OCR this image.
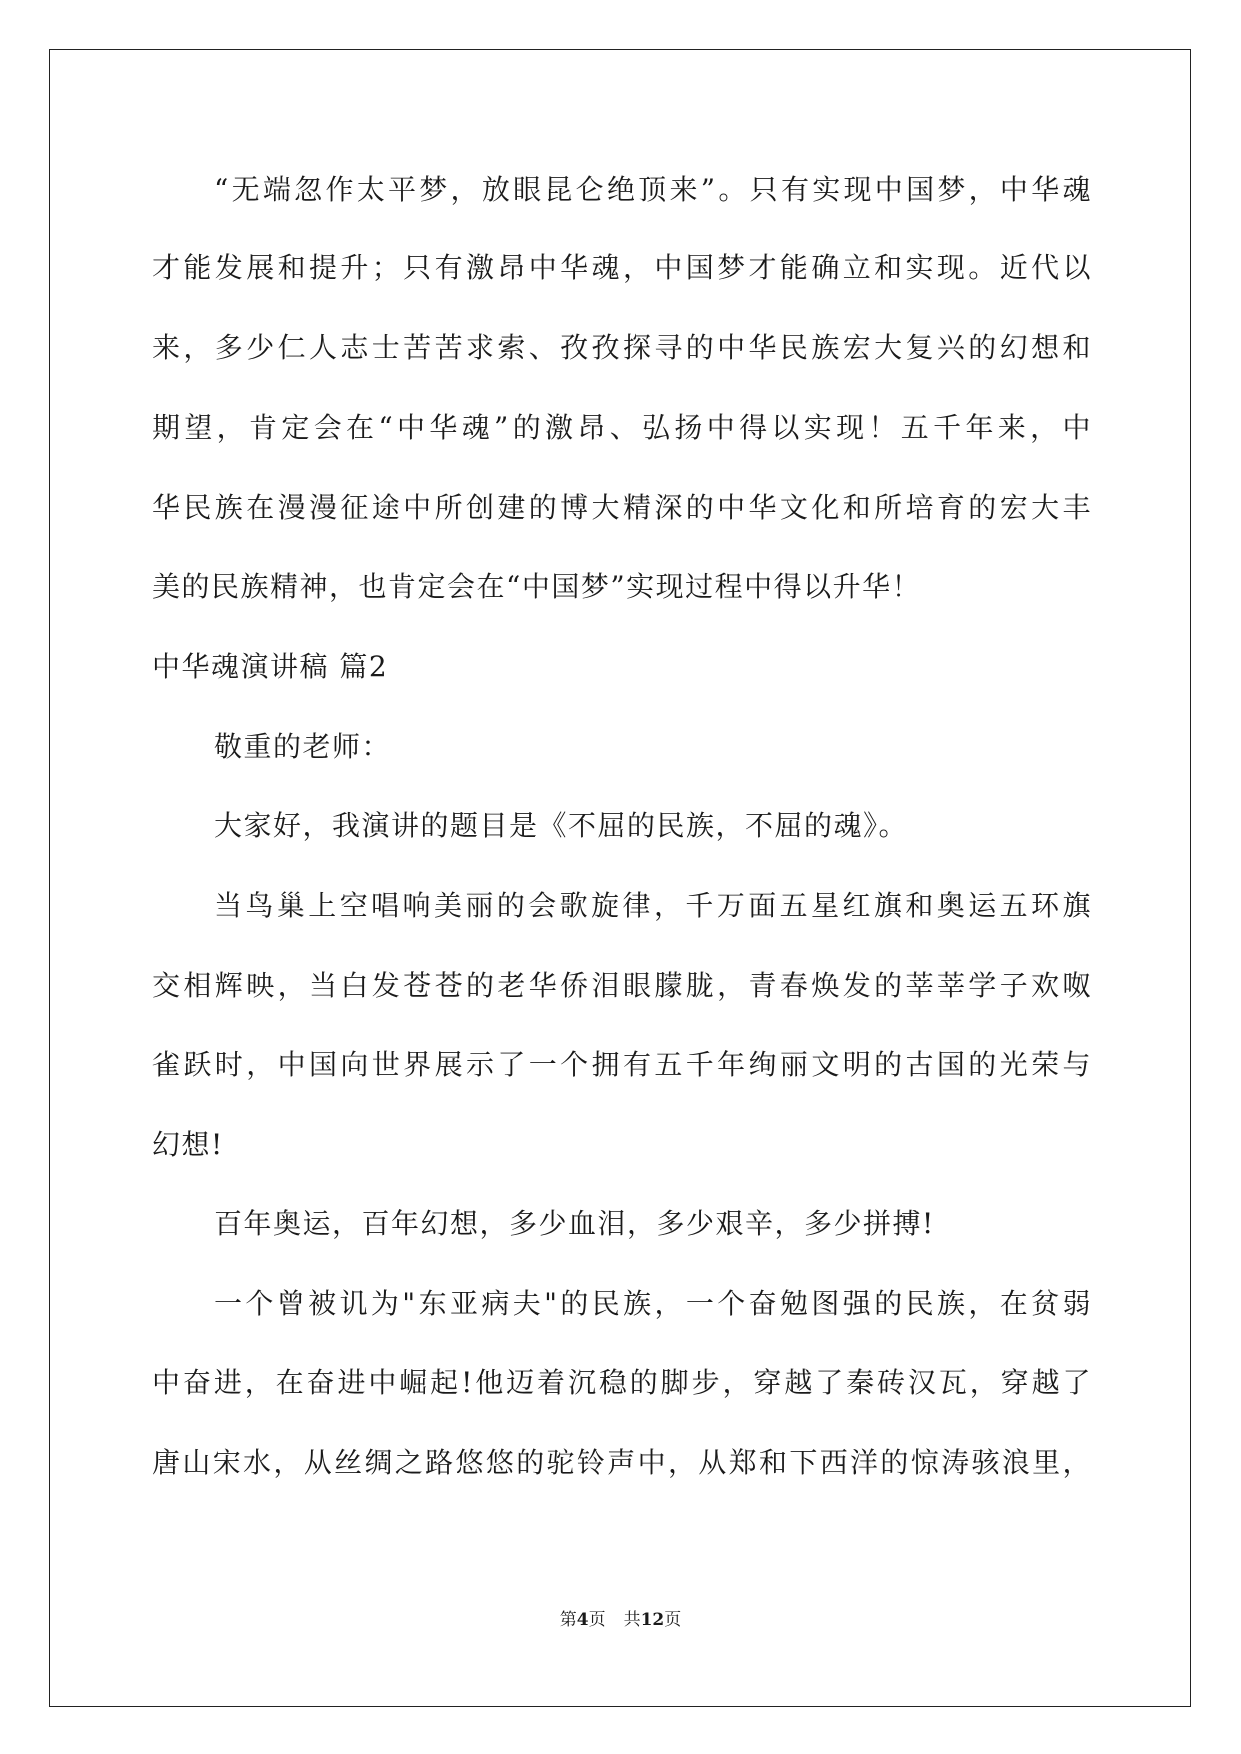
“无端忽作太平梦，放眼昆仑绝顶来”。只有实现中国梦，中华魂

才能发展和提升；只有激昂中华魂，中国梦才能确立和实现。近代以

来，多少仁人志士苦苦求索、孜孜探寻的中华民族宏大复兴的幻想和

期望，肯定会在“中华魂”的激昂、弘扬中得以实现！五千年来，中

华民族在漫漫征途中所创建的博大精深的中华文化和所培育的宏大丰

美的民族精神，也肯定会在“中国梦”实现过程中得以升华！

中华魂演讲稿 篇2

敬重的老师：

大家好，我演讲的题目是《不屈的民族，不屈的魂》。

当鸟巢上空唱响美丽的会歌旋律，千万面五星红旗和奥运五环旗

交相辉映，当白发苍苍的老华侨泪眼朦胧，青春焕发的莘莘学子欢呶

雀跃时，中国向世界展示了一个拥有五千年绚丽文明的古国的光荣与

幻想!

百年奥运，百年幻想，多少血泪，多少艰辛，多少拼搏!

一个曾被讥为"东亚病夫"的民族，一个奋勉图强的民族，在贫弱

中奋进，在奋进中崛起!他迈着沉稳的脚步，穿越了秦砖汉瓦，穿越了

唐山宋水，从丝绸之路悠悠的驼铃声中，从郑和下西洋的惊涛骇浪里，

第4页 共12页
